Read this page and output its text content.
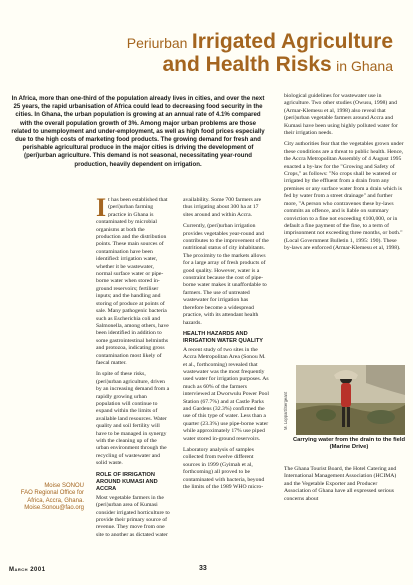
Periurban Irrigated Agriculture
and Health Risks in Ghana
In Africa, more than one-third of the population already lives in cities, and over the next 25 years, the rapid urbanisation of Africa could lead to decreasing food security in the cities. In Ghana, the urban population is growing at an annual rate of 4.1% compared with the overall population growth of 3%. Among major urban problems are those related to unemployment and under-employment, as well as high food prices especially due to the high costs of marketing food products. The growing demand for fresh and perishable agricultural produce in the major cities is driving the development of (peri)urban agriculture. This demand is not seasonal, necessitating year-round production, heavily dependent on irrigation.
Moise SONOU
FAO Regional Office for
Africa, Accra, Ghana.
Moise.Sonou@fao.org

It has been established that (peri)urban farming practice in Ghana is contaminated by microbial organisms at both the production and the distribution points. These main sources of contamination have been identified: irrigation water, whether it be wastewater, normal surface water or pipe-borne water when stored in-ground reservoirs; fertiliser inputs; and the handling and storing of produce at points of sale. Many pathogenic bacteria such as Escherichia coli and Salmonella, among others, have been identified in addition to some gastrointestinal helminths and protozoa, indicating gross contamination most likely of faecal matter.

In spite of these risks, (peri)urban agriculture, driven by an increasing demand from a rapidly growing urban population will continue to expand within the limits of available land resources. Water quality and soil fertility will have to be managed in synergy with the cleaning up of the urban environment through the recycling of wastewater and solid waste.

ROLE OF IRRIGATION AROUND KUMASI AND ACCRA

Most vegetable farmers in the (peri)urban area of Kumasi consider irrigated horticulture to provide their primary source of revenue. They move from one site to another as dictated water

availability. Some 700 farmers are thus irrigating about 300 ha at 17 sites around and within Accra.

Currently, (peri)urban irrigation provides vegetables year-round and contributes to the improvement of the nutritional status of city inhabitants. The proximity to the markets allows for a large array of fresh products of good quality. However, water is a constraint because the cost of pipe-borne water makes it unaffordable to farmers. The use of untreated wastewater for irrigation has therefore become a widespread practice, with its attendant health hazards.

HEALTH HAZARDS AND IRRIGATION WATER QUALITY

A recent study of two sites in the Accra Metropolitan Area (Sonou M. et al., forthcoming) revealed that wastewater was the most frequently used water for irrigation purposes. As much as 60% of the farmers interviewed at Dworwulu Power Pool Station (67.7%) and at Castle Parks and Gardens (32.3%) confirmed the use of this type of water. Less than a quarter (23.3%) use pipe-borne water while approximately 17% use piped water stored in-ground reservoirs.

Laboratory analysis of samples collected from twelve different sources in 1999 (Gyimah et al, forthcoming) all proved to be contaminated with bacteria, beyond the limits of the 1989 WHO micro-

biological guidelines for wastewater use in agriculture. Two other studies (Owusu, 1998) and (Armar-Klemesu et al, 1998) also reveal that (peri)urban vegetable farmers around Accra and Kumasi have been using highly polluted water for their irrigation needs.

City authorities fear that the vegetables grown under these conditions are a threat to public health. Hence, the Accra Metropolitan Assembly of 4 August 1995 enacted a by-law for the "Growing and Safety of Crops," as follows: "No crops shall be watered or irrigated by the effluent from a drain from any premises or any surface water from a drain which is fed by water from a street drainage" and further more, "A person who contravenes these by-laws commits an offence, and is liable on summary conviction to a fine not exceeding ¢100,000, or in default a fine payment of the fine, to a term of imprisonment not exceeding three months, or both." (Local Government Bulletin 1, 1995: 190). These by-laws are enforced (Armar-Klemesu et al, 1998).

M. Loppart/Sergeant
Carrying water from the drain to the field (Marine Drive)

The Ghana Tourist Board, the Hotel Catering and International Management Association (HCIMA) and the Vegetable Exporter and Producer Association of Ghana have all expressed serious concerns about

March 2001	33
